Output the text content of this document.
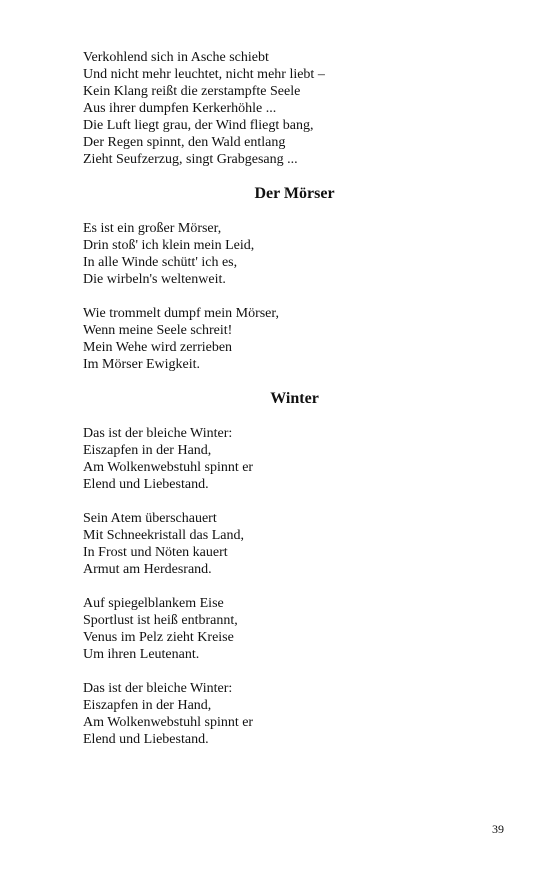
Verkohlend sich in Asche schiebt
Und nicht mehr leuchtet, nicht mehr liebt –
Kein Klang reißt die zerstampfte Seele
Aus ihrer dumpfen Kerkerhöhle ...
Die Luft liegt grau, der Wind fliegt bang,
Der Regen spinnt, den Wald entlang
Zieht Seufzerzug, singt Grabgesang ...
Der Mörser
Es ist ein großer Mörser,
Drin stoß' ich klein mein Leid,
In alle Winde schütt' ich es,
Die wirbeln's weltenweit.
Wie trommelt dumpf mein Mörser,
Wenn meine Seele schreit!
Mein Wehe wird zerrieben
Im Mörser Ewigkeit.
Winter
Das ist der bleiche Winter:
Eiszapfen in der Hand,
Am Wolkenwebstuhl spinnt er
Elend und Liebestand.
Sein Atem überschauert
Mit Schneekristall das Land,
In Frost und Nöten kauert
Armut am Herdesrand.
Auf spiegelblankem Eise
Sportlust ist heiß entbrannt,
Venus im Pelz zieht Kreise
Um ihren Leutenant.
Das ist der bleiche Winter:
Eiszapfen in der Hand,
Am Wolkenwebstuhl spinnt er
Elend und Liebestand.
39
